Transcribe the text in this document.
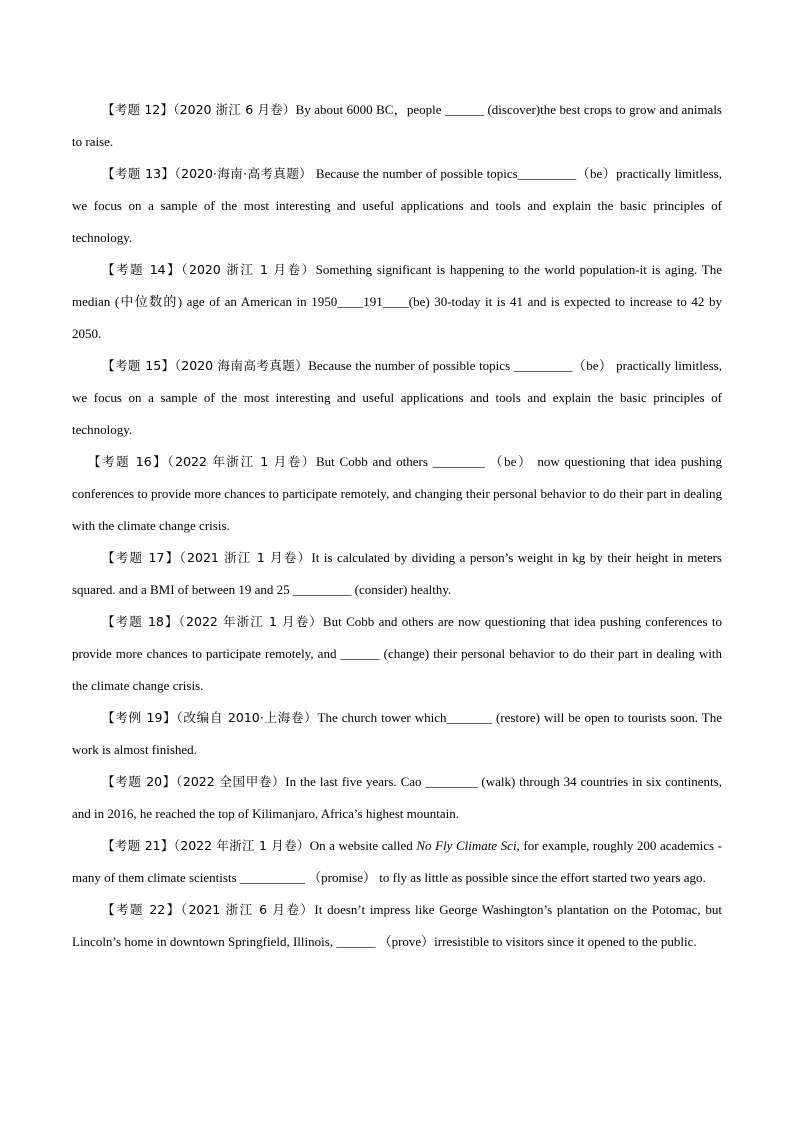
【考题 12】（2020 浙江 6 月卷）By about 6000 BC，people ______ (discover)the best crops to grow and animals to raise.

【考题 13】（2020·海南·高考真题） Because the number of possible topics_________（be）practically limitless, we focus on a sample of the most interesting and useful applications and tools and explain the basic principles of technology.

【考题 14】（2020 浙江 1 月卷）Something significant is happening to the world population-it is aging. The median (中位数的) age of an American in 1950____191____(be) 30-today it is 41 and is expected to increase to 42 by 2050.

【考题 15】（2020 海南高考真题）Because the number of possible topics _________（be） practically limitless, we focus on a sample of the most interesting and useful applications and tools and explain the basic principles of technology.

【考题 16】（2022 年浙江 1 月卷）But Cobb and others ________ （be） now questioning that idea pushing conferences to provide more chances to participate remotely, and changing their personal behavior to do their part in dealing with the climate change crisis.

【考题 17】（2021 浙江 1 月卷）It is calculated by dividing a person’s weight in kg by their height in meters squared. and a BMI of between 19 and 25 _________ (consider) healthy.

【考题 18】（2022 年浙江 1 月卷）But Cobb and others are now questioning that idea pushing conferences to provide more chances to participate remotely, and ______ (change) their personal behavior to do their part in dealing with the climate change crisis.

【考例 19】（改编自 2010·上海卷）The church tower which_______ (restore) will be open to tourists soon. The work is almost finished.

【考题 20】（2022 全国甲卷）In the last five years. Cao ________ (walk) through 34 countries in six continents, and in 2016, he reached the top of Kilimanjaro, Africa’s highest mountain.

【考题 21】（2022 年浙江 1 月卷）On a website called No Fly Climate Sci, for example, roughly 200 academics - many of them climate scientists __________ （promise） to fly as little as possible since the effort started two years ago.

【考题 22】（2021 浙江 6 月卷）It doesn’t impress like George Washington’s plantation on the Potomac, but Lincoln’s home in downtown Springfield, Illinois, ______ （prove）irresistible to visitors since it opened to the public.
